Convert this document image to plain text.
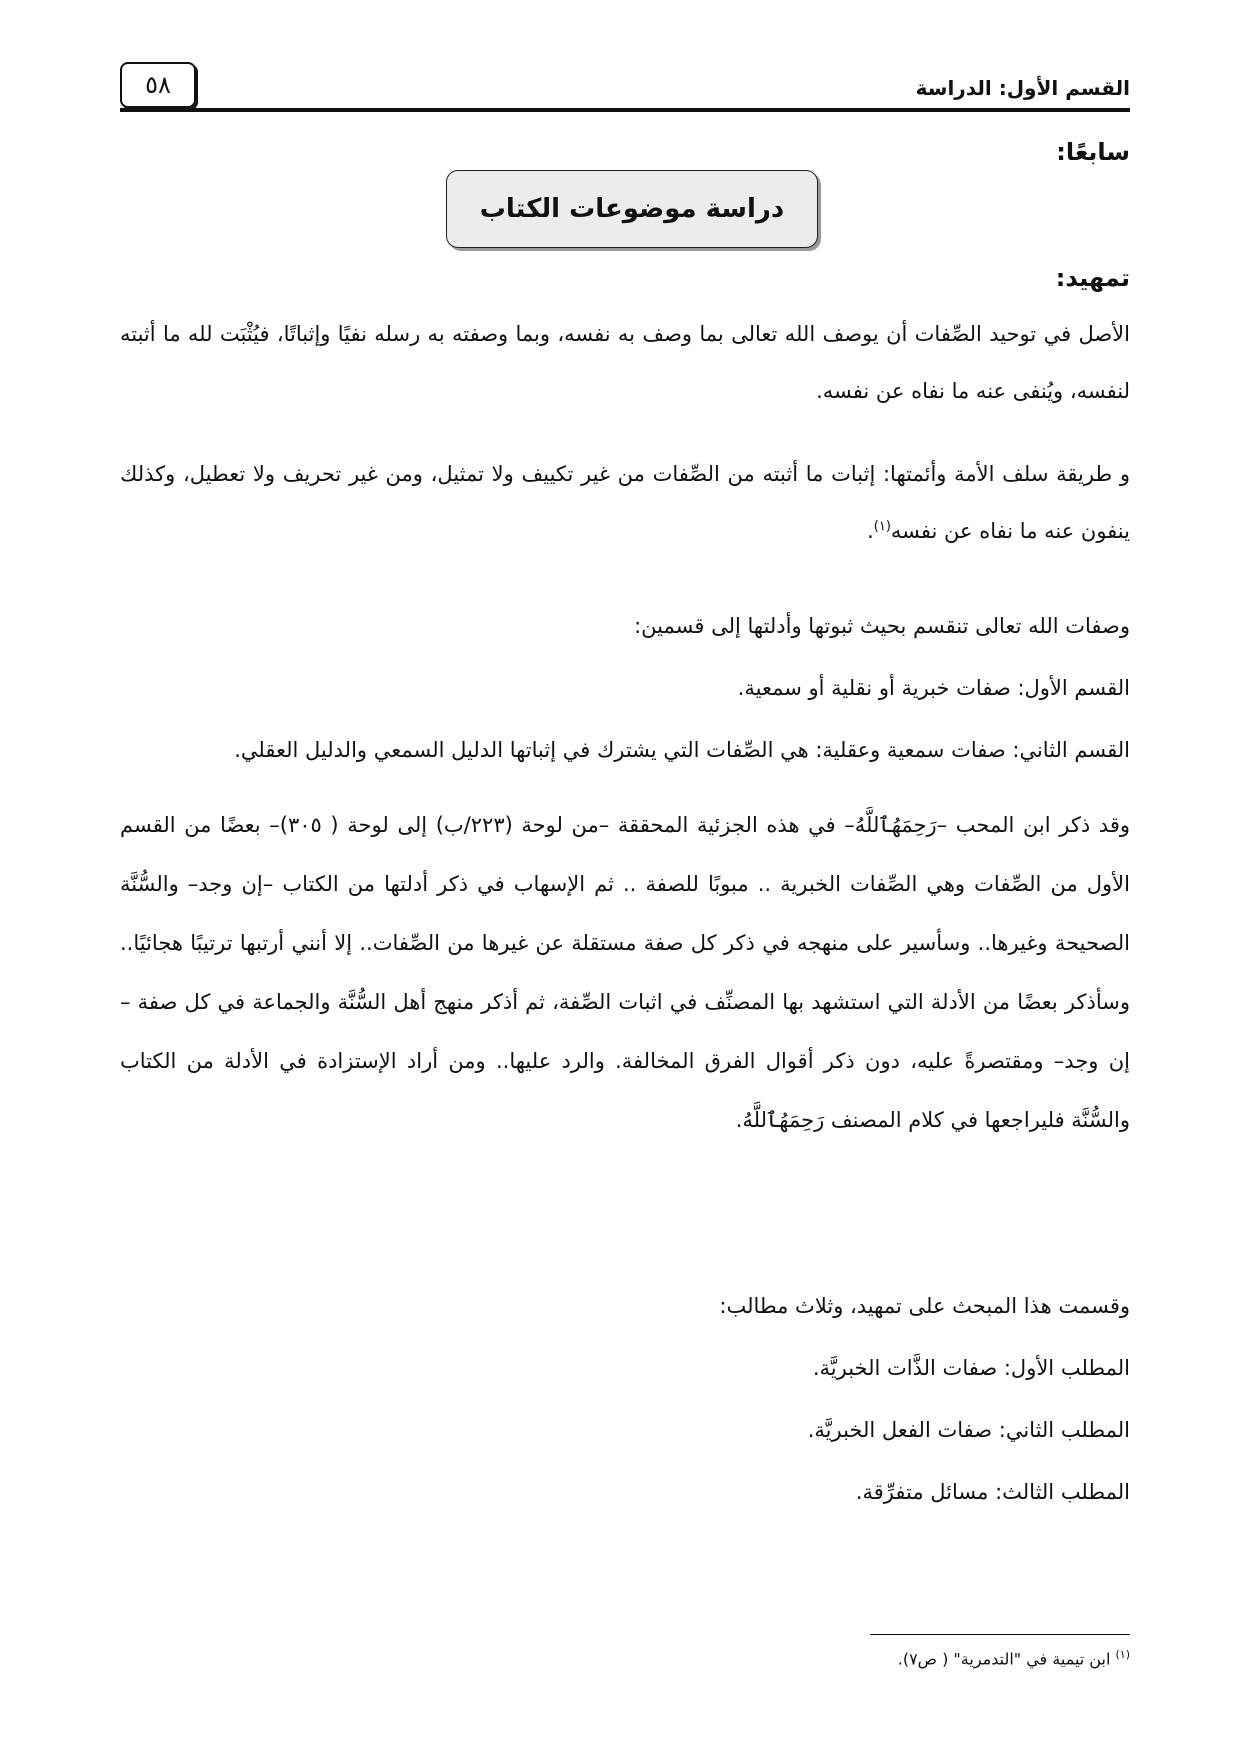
القسم الأول: الدراسة
٥٨
سابعًا:
دراسة موضوعات الكتاب
تمهيد:
الأصل في توحيد الصِّفات أن يوصف الله تعالى بما وصف به نفسه، وبما وصفته به رسله نفيًا وإثباتًا، فيُثْبَت لله ما أثبته لنفسه، ويُنفى عنه ما نفاه عن نفسه.
و طريقة سلف الأمة وأئمتها: إثبات ما أثبته من الصِّفات من غير تكييف ولا تمثيل، ومن غير تحريف ولا تعطيل، وكذلك ينفون عنه ما نفاه عن نفسه$^{(١)}$.
وصفات الله تعالى تنقسم بحيث ثبوتها وأدلتها إلى قسمين:
القسم الأول: صفات خبرية أو نقلية أو سمعية.
القسم الثاني: صفات سمعية وعقلية: هي الصِّفات التي يشترك في إثباتها الدليل السمعي والدليل العقلي.
وقد ذكر ابن المحب –رَحِمَهُٱللَّهُ– في هذه الجزئية المحققة –من لوحة (٢٢٣/ب) إلى لوحة ( ٣٠٥)– بعضًا من القسم الأول من الصِّفات وهي الصِّفات الخبرية .. مبوبًا للصفة .. ثم الإسهاب في ذكر أدلتها من الكتاب –إن وجد– والسُّنَّة الصحيحة وغيرها.. وسأسير على منهجه في ذكر كل صفة مستقلة عن غيرها من الصِّفات.. إلا أنني أرتبها ترتيبًا هجائيًا.. وسأذكر بعضًا من الأدلة التي استشهد بها المصنِّف في اثبات الصِّفة، ثم أذكر منهج أهل السُّنَّة والجماعة في كل صفة –إن وجد– ومقتصرةً عليه، دون ذكر أقوال الفرق المخالفة. والرد عليها.. ومن أراد الإستزادة في الأدلة من الكتاب والسُّنَّة فليراجعها في كلام المصنف رَحِمَهُٱللَّهُ.
وقسمت هذا المبحث على تمهيد، وثلاث مطالب:
المطلب الأول: صفات الذَّات الخبريَّة.
المطلب الثاني: صفات الفعل الخبريَّة.
المطلب الثالث: مسائل متفرِّقة.
$^{(١)}$ ابن تيمية في "التدمرية" ( ص٧).
